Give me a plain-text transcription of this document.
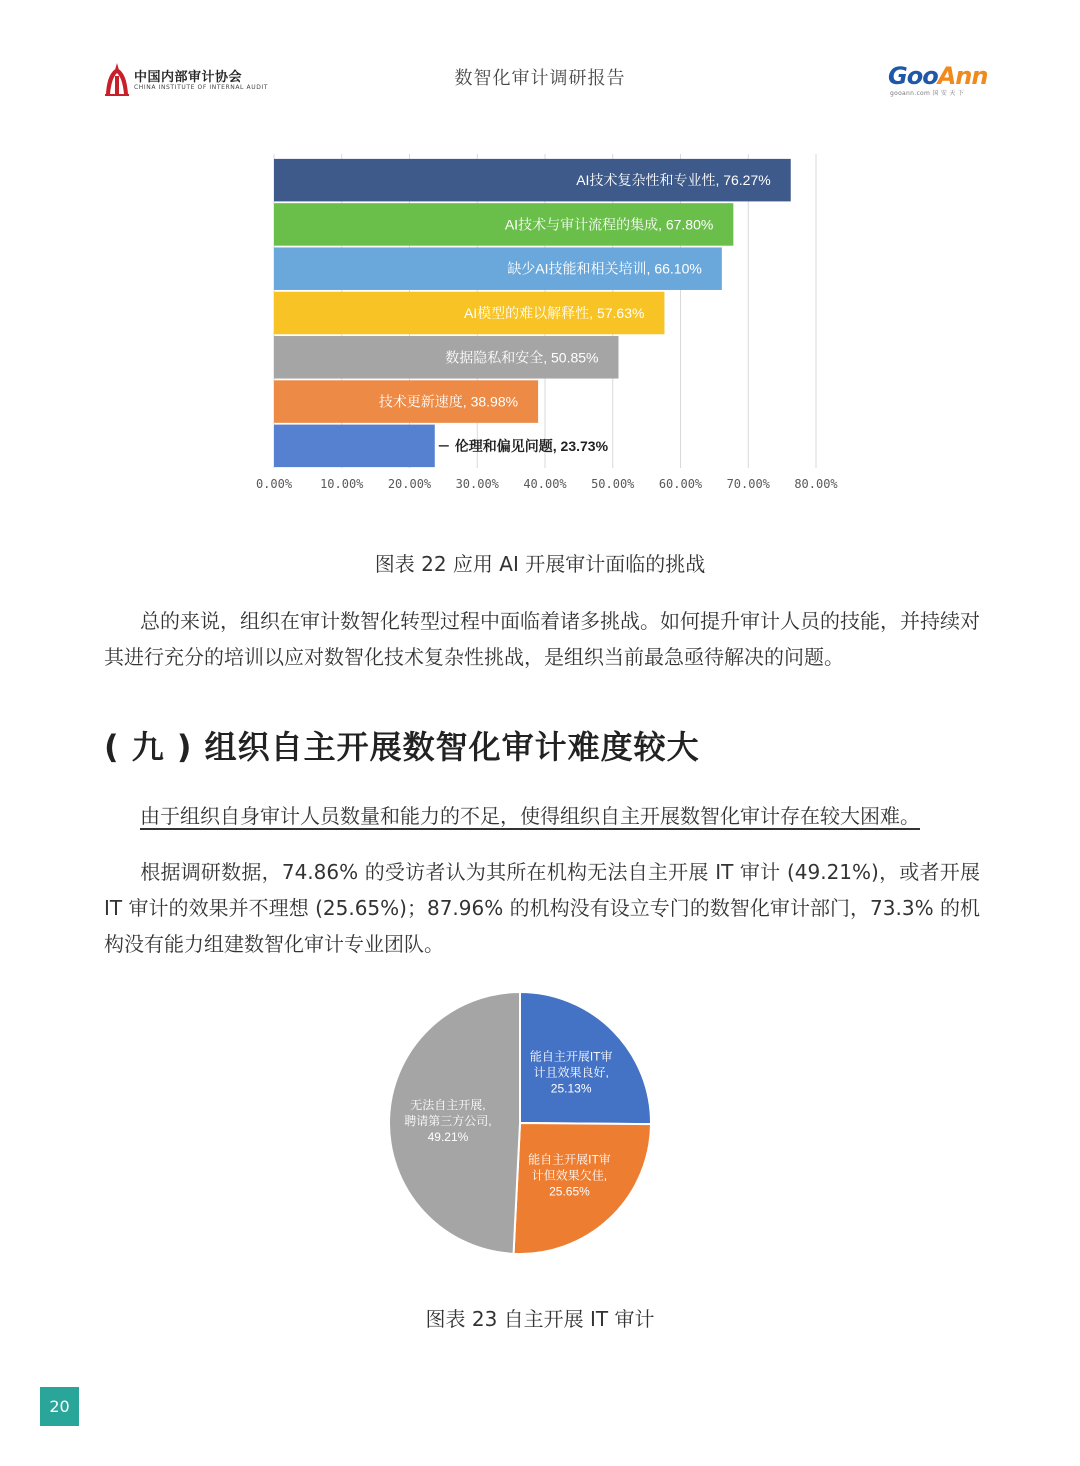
中国内部审计协会
CHINA INSTITUTE OF INTERNAL AUDIT	数智化审计调研报告	GooAnn
gooann.com 国 安 天 下
0.00% 10.00% 20.00% 30.00% 40.00% 50.00% 60.00% 70.00% 80.00%
AI技术复杂性和专业性, 76.27%
AI技术与审计流程的集成, 67.80%
缺少AI技能和相关培训, 66.10%
AI模型的难以解释性, 57.63%
数据隐私和安全, 50.85%
技术更新速度, 38.98%
伦理和偏见问题, 23.73%
图表 22 应用 AI 开展审计面临的挑战
总的来说，组织在审计数智化转型过程中面临着诸多挑战。如何提升审计人员的技能，并持续对其进行充分的培训以应对数智化技术复杂性挑战，是组织当前最急亟待解决的问题。
( 九 ) 组织自主开展数智化审计难度较大
由于组织自身审计人员数量和能力的不足，使得组织自主开展数智化审计存在较大困难。
根据调研数据，74.86% 的受访者认为其所在机构无法自主开展 IT 审计 (49.21%)，或者开展 IT 审计的效果并不理想 (25.65%)；87.96% 的机构没有设立专门的数智化审计部门，73.3% 的机构没有能力组建数智化审计专业团队。
能自主开展IT审计且效果良好, 25.13%
能自主开展IT审计但效果欠佳, 25.65%
无法自主开展,聘请第三方公司, 49.21%
图表 23 自主开展 IT 审计
20
